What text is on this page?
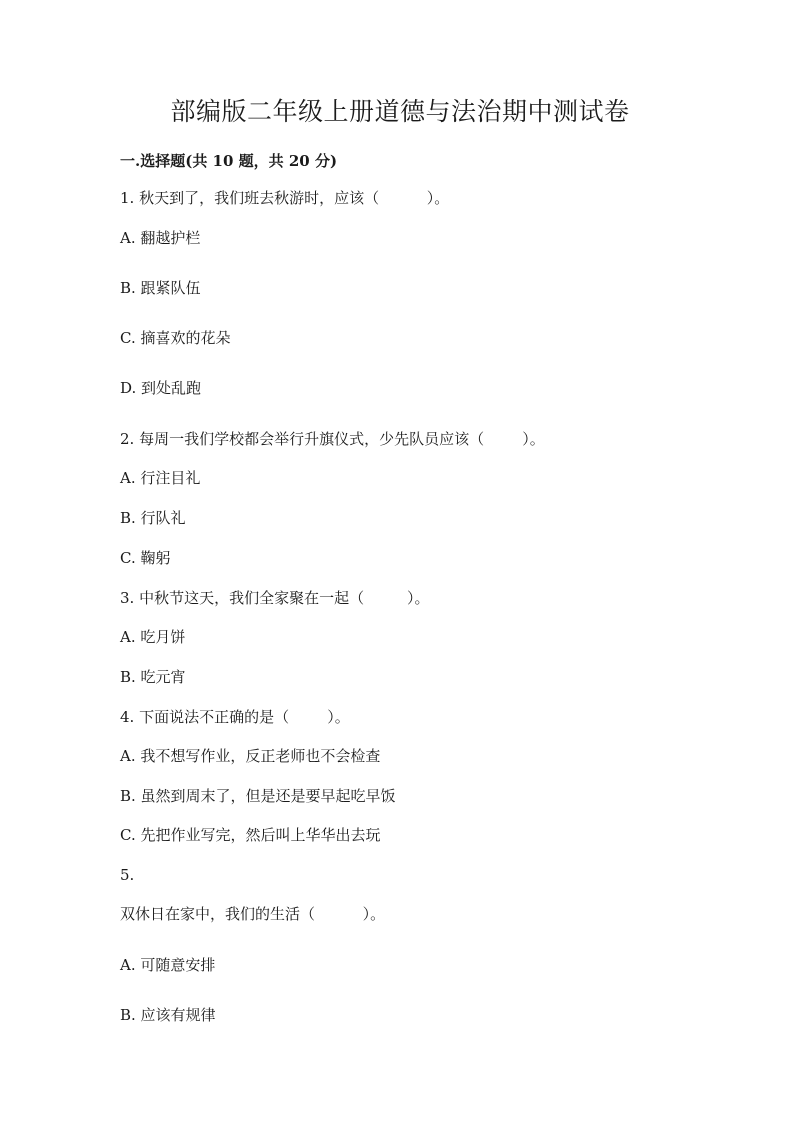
部编版二年级上册道德与法治期中测试卷
一.选择题(共 10 题，共 20 分)
1. 秋天到了，我们班去秋游时，应该（          ）。
A. 翻越护栏
B. 跟紧队伍
C. 摘喜欢的花朵
D. 到处乱跑
2. 每周一我们学校都会举行升旗仪式，少先队员应该（        ）。
A. 行注目礼
B. 行队礼
C. 鞠躬
3. 中秋节这天，我们全家聚在一起（         ）。
A. 吃月饼
B. 吃元宵
4. 下面说法不正确的是（        ）。
A. 我不想写作业，反正老师也不会检查
B. 虽然到周末了，但是还是要早起吃早饭
C. 先把作业写完，然后叫上华华出去玩
5.
双休日在家中，我们的生活（          ）。
A. 可随意安排
B. 应该有规律
